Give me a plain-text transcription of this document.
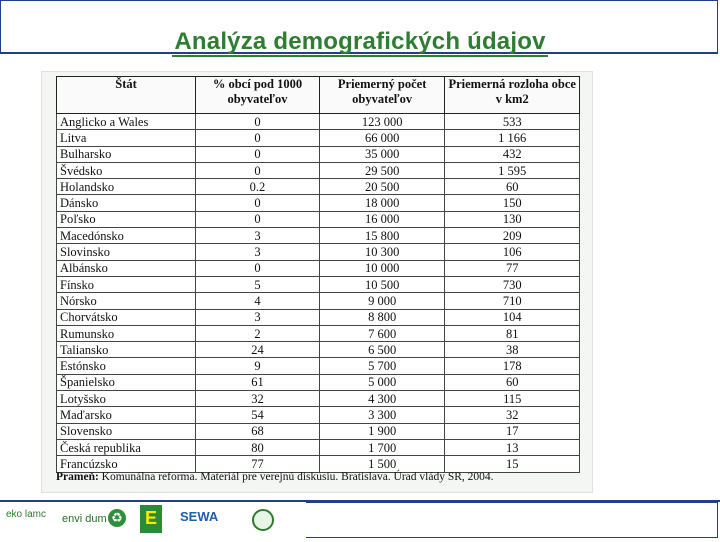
Analýza demografických údajov
Štát	% obcí pod 1000 obyvateľov	Priemerný počet obyvateľov	Priemerná rozloha obce v km2
Anglicko a Wales	0	123 000	533
Litva	0	66 000	1 166
Bulharsko	0	35 000	432
Švédsko	0	29 500	1 595
Holandsko	0.2	20 500	60
Dánsko	0	18 000	150
Poľsko	0	16 000	130
Macedónsko	3	15 800	209
Slovinsko	3	10 300	106
Albánsko	0	10 000	77
Fínsko	5	10 500	730
Nórsko	4	9 000	710
Chorvátsko	3	8 800	104
Rumunsko	2	7 600	81
Taliansko	24	6 500	38
Estónsko	9	5 700	178
Španielsko	61	5 000	60
Lotyšsko	32	4 300	115
Maďarsko	54	3 300	32
Slovensko	68	1 900	17
Česká republika	80	1 700	13
Francúzsko	77	1 500	15
Prameň: Komunálna reforma. Materiál pre verejnú diskusiu. Bratislava. Úrad vlády SR, 2004.
eko lamc envi dum ♻ E	SEWA
